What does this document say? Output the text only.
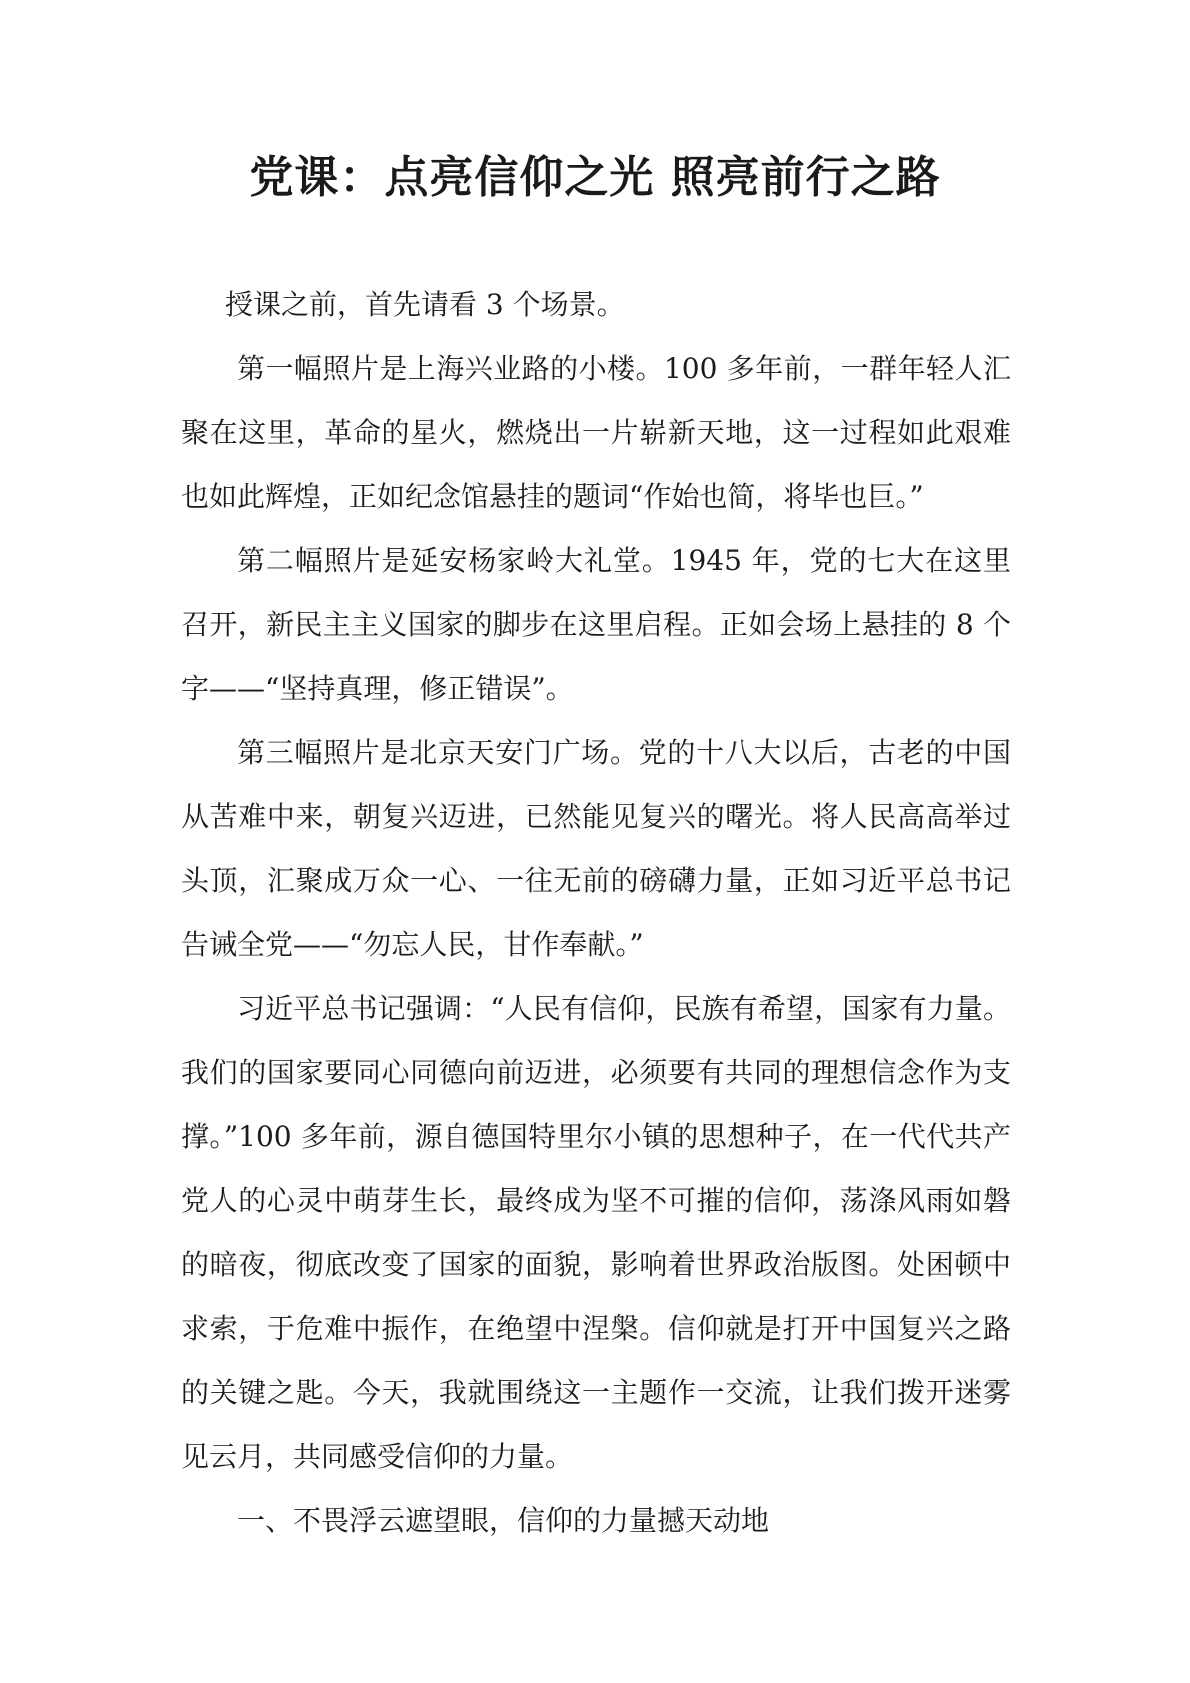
党课：点亮信仰之光 照亮前行之路

授课之前，首先请看 3 个场景。

第一幅照片是上海兴业路的小楼。100 多年前，一群年轻人汇聚在这里，革命的星火，燃烧出一片崭新天地，这一过程如此艰难也如此辉煌，正如纪念馆悬挂的题词“作始也简，将毕也巨。”

第二幅照片是延安杨家岭大礼堂。1945 年，党的七大在这里召开，新民主主义国家的脚步在这里启程。正如会场上悬挂的 8 个字——“坚持真理，修正错误”。

第三幅照片是北京天安门广场。党的十八大以后，古老的中国从苦难中来，朝复兴迈进，已然能见复兴的曙光。将人民高高举过头顶，汇聚成万众一心、一往无前的磅礴力量，正如习近平总书记告诫全党——“勿忘人民，甘作奉献。”

习近平总书记强调：“人民有信仰，民族有希望，国家有力量。我们的国家要同心同德向前迈进，必须要有共同的理想信念作为支撑。”100 多年前，源自德国特里尔小镇的思想种子，在一代代共产党人的心灵中萌芽生长，最终成为坚不可摧的信仰，荡涤风雨如磐的暗夜，彻底改变了国家的面貌，影响着世界政治版图。处困顿中求索，于危难中振作，在绝望中涅槃。信仰就是打开中国复兴之路的关键之匙。今天，我就围绕这一主题作一交流，让我们拨开迷雾见云月，共同感受信仰的力量。

一、不畏浮云遮望眼，信仰的力量撼天动地
